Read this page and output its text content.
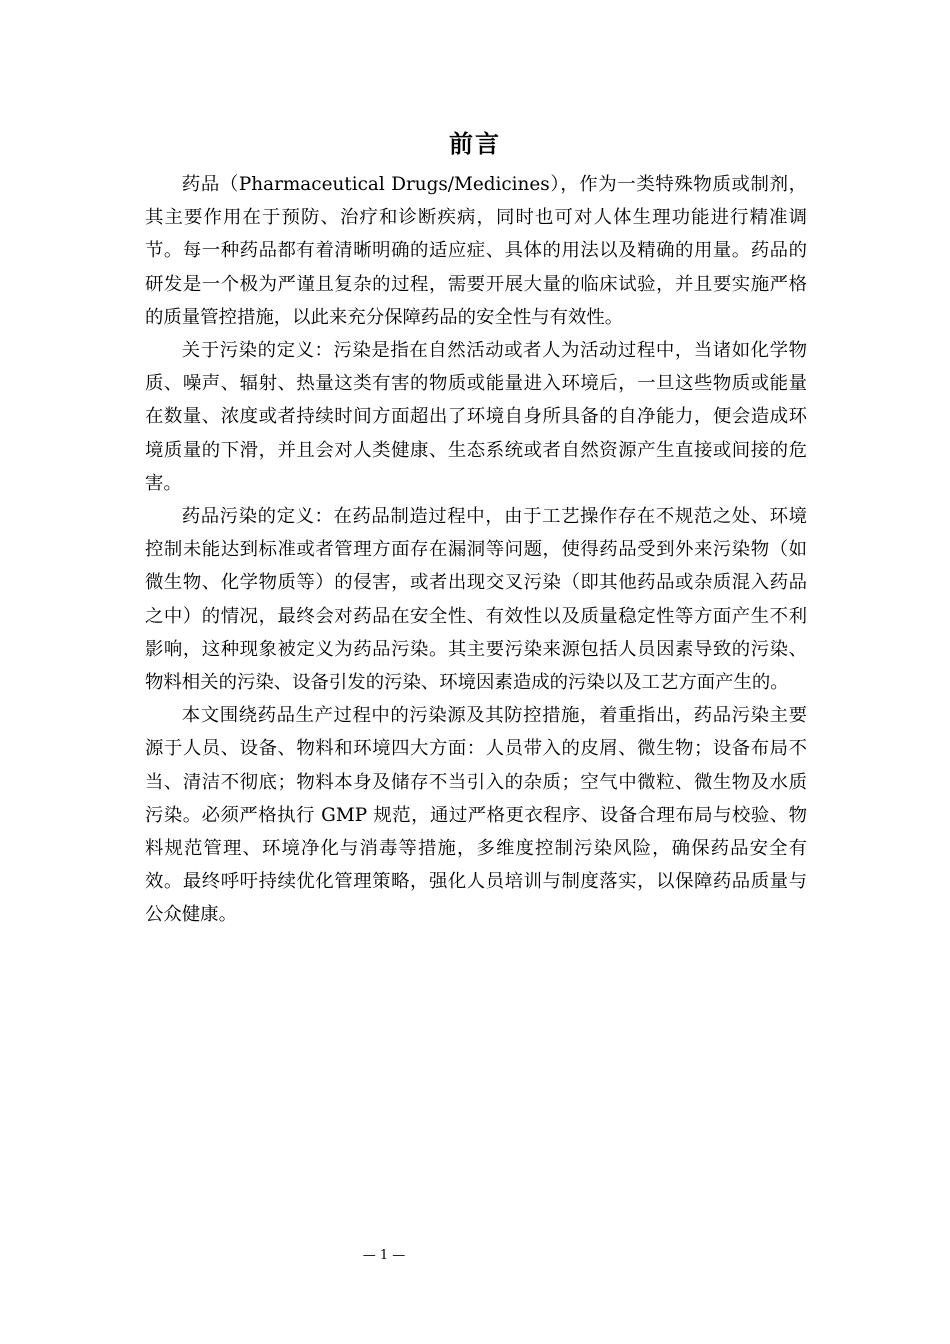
前言

药品（Pharmaceutical Drugs/Medicines），作为一类特殊物质或制剂，其主要作用在于预防、治疗和诊断疾病，同时也可对人体生理功能进行精准调节。每一种药品都有着清晰明确的适应症、具体的用法以及精确的用量。药品的研发是一个极为严谨且复杂的过程，需要开展大量的临床试验，并且要实施严格的质量管控措施，以此来充分保障药品的安全性与有效性。

关于污染的定义：污染是指在自然活动或者人为活动过程中，当诸如化学物质、噪声、辐射、热量这类有害的物质或能量进入环境后，一旦这些物质或能量在数量、浓度或者持续时间方面超出了环境自身所具备的自净能力，便会造成环境质量的下滑，并且会对人类健康、生态系统或者自然资源产生直接或间接的危害。

药品污染的定义：在药品制造过程中，由于工艺操作存在不规范之处、环境控制未能达到标准或者管理方面存在漏洞等问题，使得药品受到外来污染物（如微生物、化学物质等）的侵害，或者出现交叉污染（即其他药品或杂质混入药品之中）的情况，最终会对药品在安全性、有效性以及质量稳定性等方面产生不利影响，这种现象被定义为药品污染。其主要污染来源包括人员因素导致的污染、物料相关的污染、设备引发的污染、环境因素造成的污染以及工艺方面产生的。

本文围绕药品生产过程中的污染源及其防控措施，着重指出，药品污染主要源于人员、设备、物料和环境四大方面：人员带入的皮屑、微生物；设备布局不当、清洁不彻底；物料本身及储存不当引入的杂质；空气中微粒、微生物及水质污染。必须严格执行 GMP 规范，通过严格更衣程序、设备合理布局与校验、物料规范管理、环境净化与消毒等措施，多维度控制污染风险，确保药品安全有效。最终呼吁持续优化管理策略，强化人员培训与制度落实，以保障药品质量与公众健康。

— 1 —
